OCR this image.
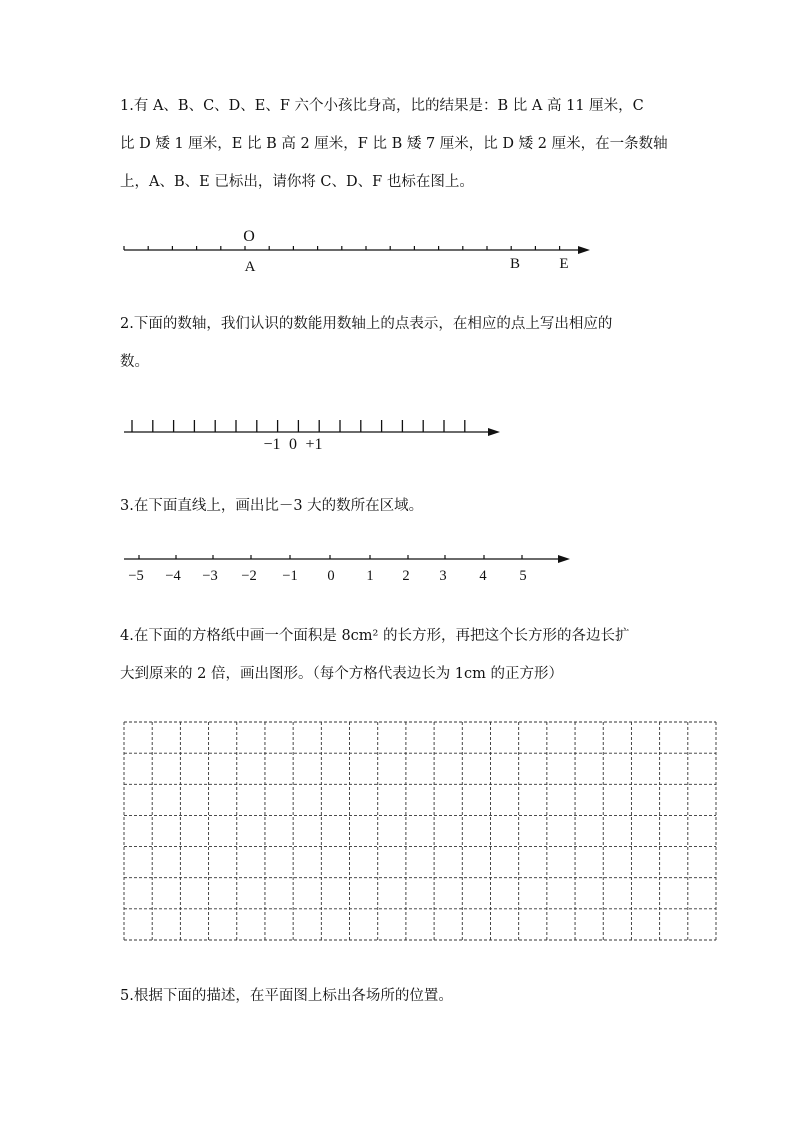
1.有 A、B、C、D、E、F 六个小孩比身高，比的结果是：B 比 A 高 11 厘米，C

比 D 矮 1 厘米，E 比 B 高 2 厘米，F 比 B 矮 7 厘米，比 D 矮 2 厘米，在一条数轴

上，A、B、E 已标出，请你将 C、D、F 也标在图上。

O
A	B	E

2.下面的数轴，我们认识的数能用数轴上的点表示，在相应的点上写出相应的

数。

−1 0 +1

3.在下面直线上，画出比－3 大的数所在区域。

−5 −4 −3 −2 −1 0 1 2 3 4 5

4.在下面的方格纸中画一个面积是 8cm² 的长方形，再把这个长方形的各边长扩

大到原来的 2 倍，画出图形。（每个方格代表边长为 1cm 的正方形）

5.根据下面的描述，在平面图上标出各场所的位置。
